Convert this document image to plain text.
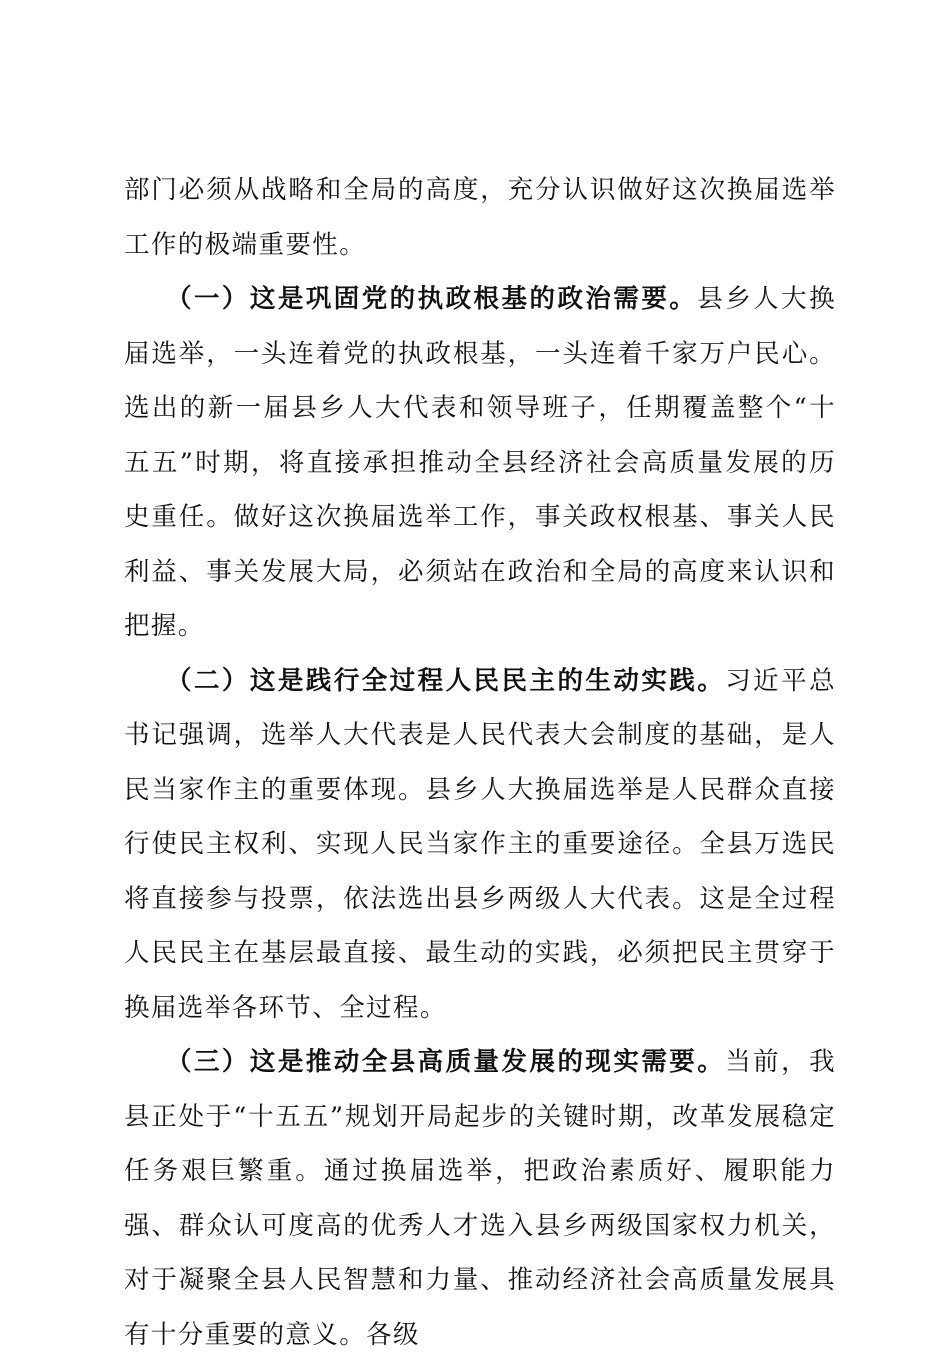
部门必须从战略和全局的高度，充分认识做好这次换届选举工作的极端重要性。

（一）这是巩固党的执政根基的政治需要。县乡人大换届选举，一头连着党的执政根基，一头连着千家万户民心。选出的新一届县乡人大代表和领导班子，任期覆盖整个“十五五”时期，将直接承担推动全县经济社会高质量发展的历史重任。做好这次换届选举工作，事关政权根基、事关人民利益、事关发展大局，必须站在政治和全局的高度来认识和把握。

（二）这是践行全过程人民民主的生动实践。习近平总书记强调，选举人大代表是人民代表大会制度的基础，是人民当家作主的重要体现。县乡人大换届选举是人民群众直接行使民主权利、实现人民当家作主的重要途径。全县万选民将直接参与投票，依法选出县乡两级人大代表。这是全过程人民民主在基层最直接、最生动的实践，必须把民主贯穿于换届选举各环节、全过程。

（三）这是推动全县高质量发展的现实需要。当前，我县正处于“十五五”规划开局起步的关键时期，改革发展稳定任务艰巨繁重。通过换届选举，把政治素质好、履职能力强、群众认可度高的优秀人才选入县乡两级国家权力机关，对于凝聚全县人民智慧和力量、推动经济社会高质量发展具有十分重要的意义。各级
